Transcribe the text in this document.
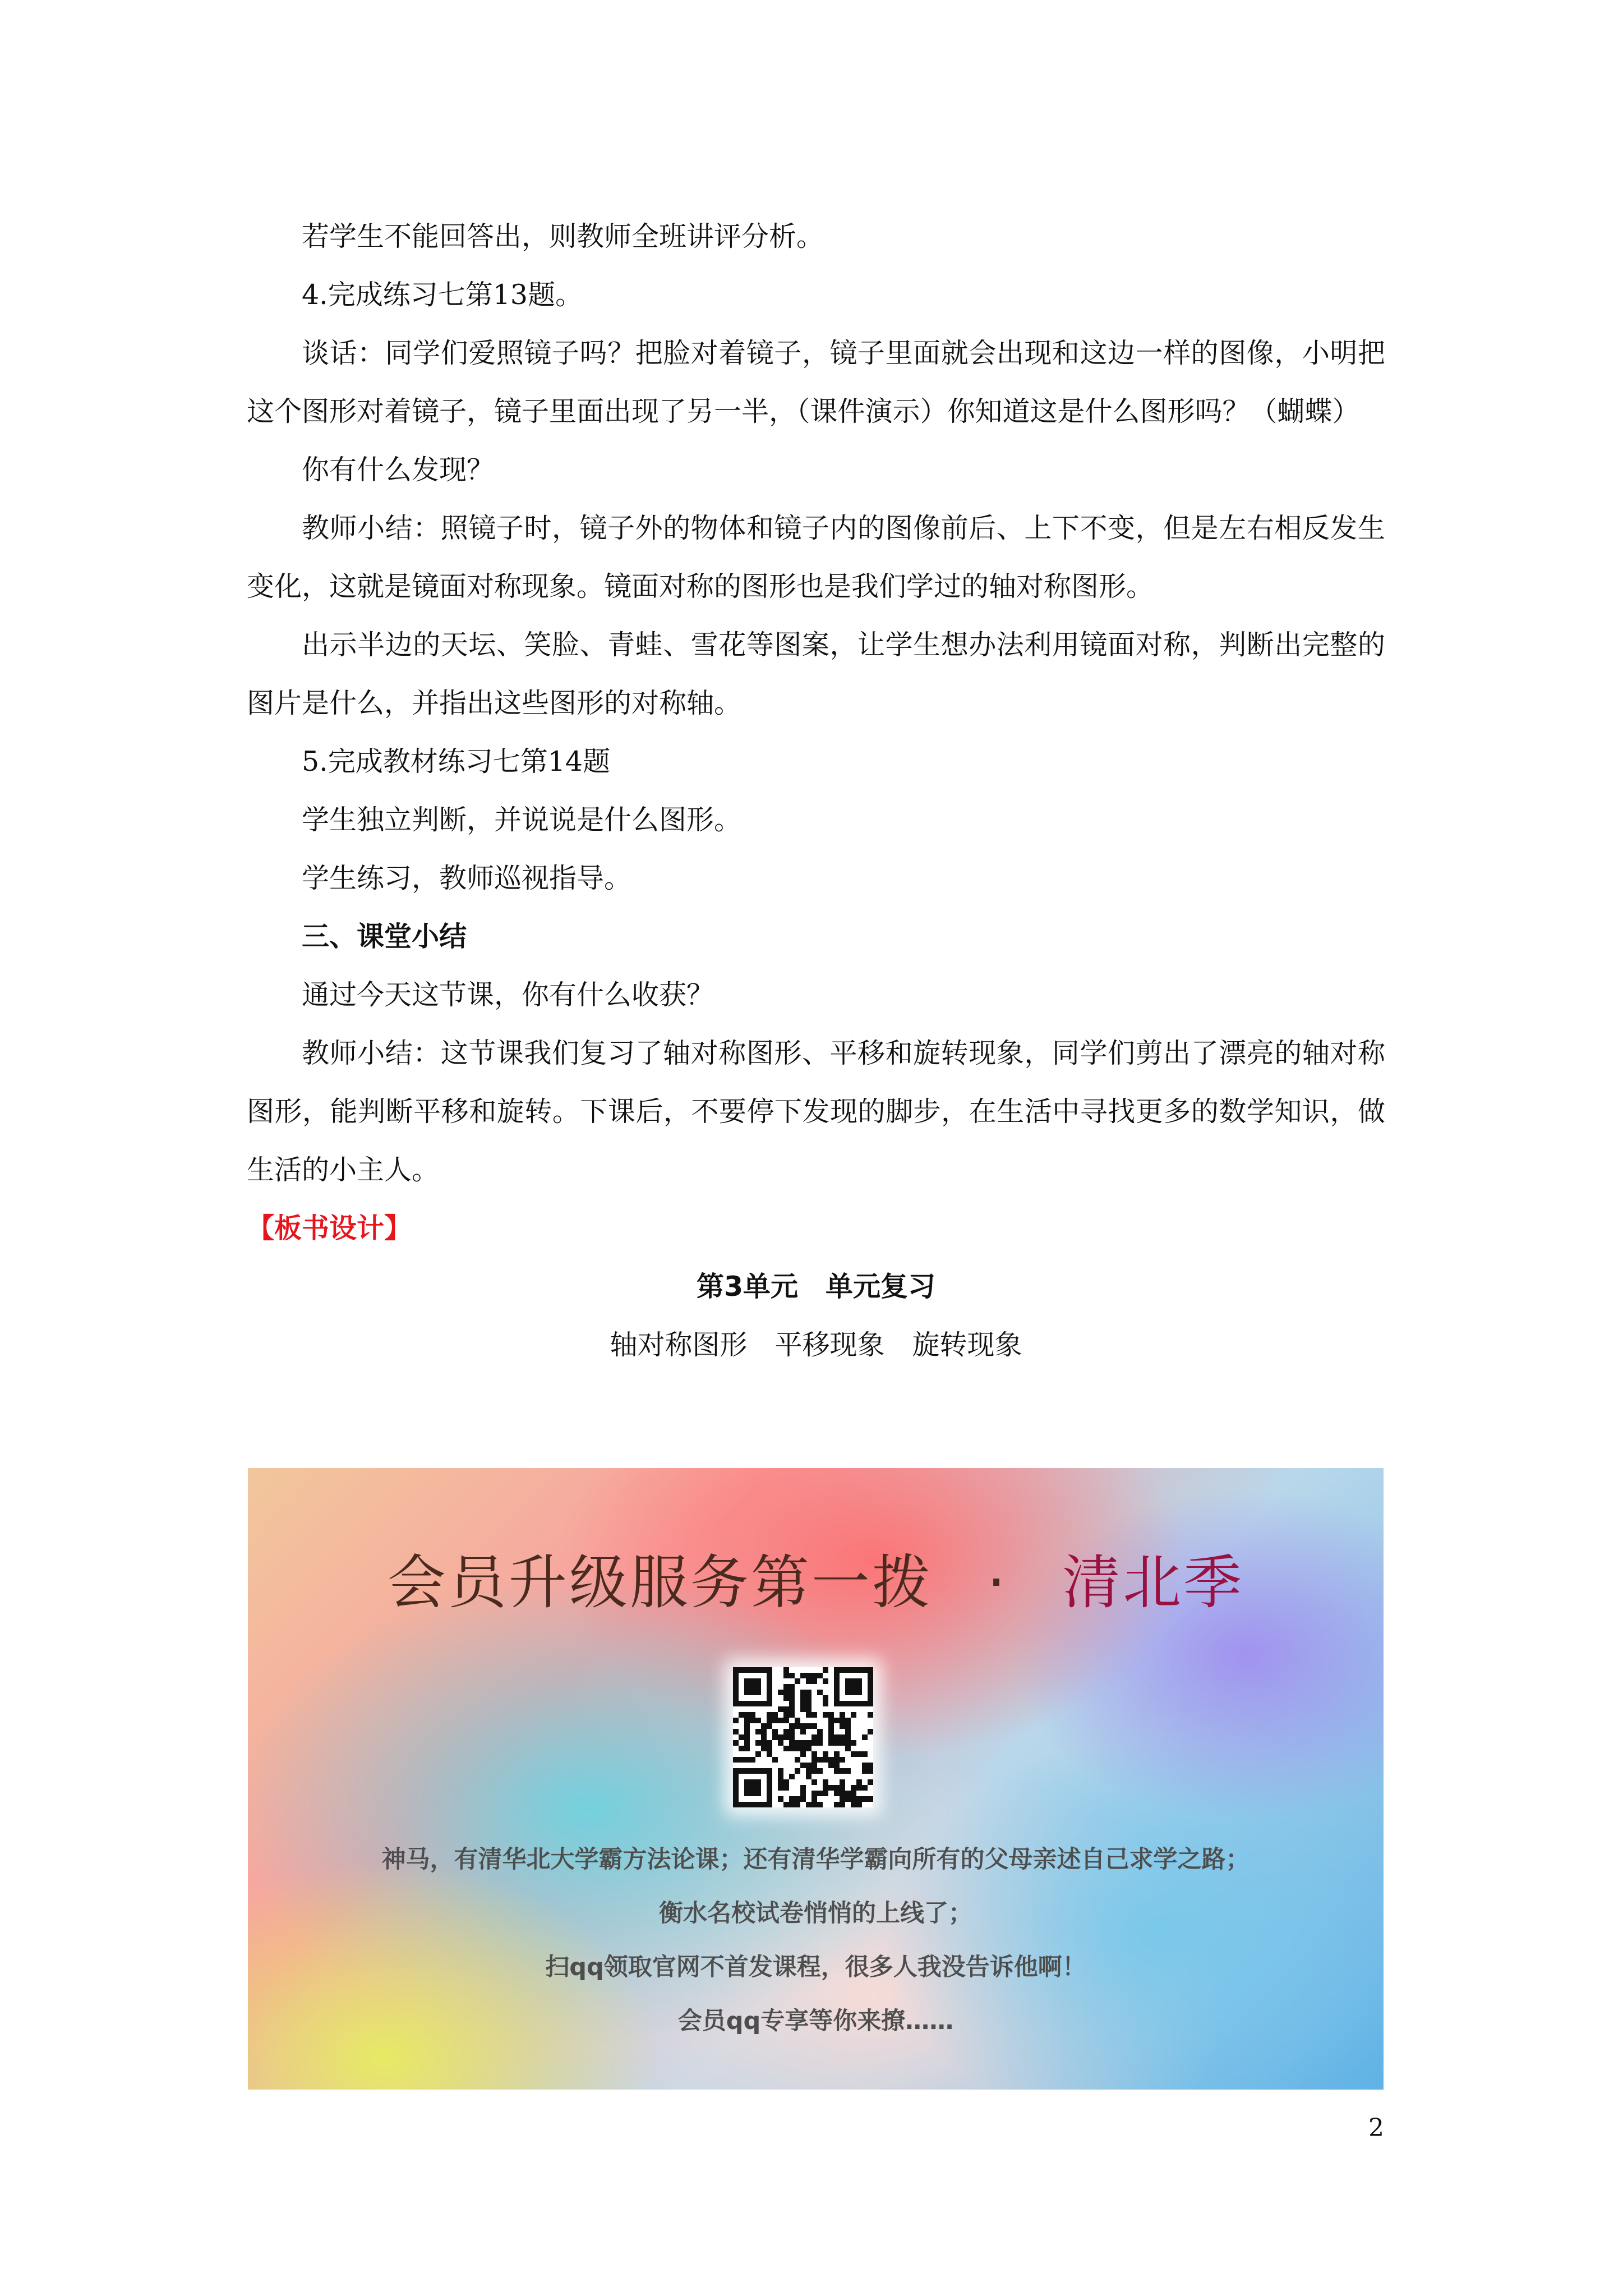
若学生不能回答出，则教师全班讲评分析。

4.完成练习七第13题。

谈话：同学们爱照镜子吗？把脸对着镜子，镜子里面就会出现和这边一样的图像，小明把这个图形对着镜子，镜子里面出现了另一半，（课件演示）你知道这是什么图形吗？（蝴蝶）

你有什么发现？

教师小结：照镜子时，镜子外的物体和镜子内的图像前后、上下不变，但是左右相反发生变化，这就是镜面对称现象。镜面对称的图形也是我们学过的轴对称图形。

出示半边的天坛、笑脸、青蛙、雪花等图案，让学生想办法利用镜面对称，判断出完整的图片是什么，并指出这些图形的对称轴。

5.完成教材练习七第14题

学生独立判断，并说说是什么图形。

学生练习，教师巡视指导。

三、课堂小结

通过今天这节课，你有什么收获？

教师小结：这节课我们复习了轴对称图形、平移和旋转现象，同学们剪出了漂亮的轴对称图形，能判断平移和旋转。下课后，不要停下发现的脚步，在生活中寻找更多的数学知识，做生活的小主人。

【板书设计】

第3单元　单元复习

轴对称图形　平移现象　旋转现象

会员升级服务第一拨 · 清北季
神马，有清华北大学霸方法论课；还有清华学霸向所有的父母亲述自己求学之路；
衡水名校试卷悄悄的上线了；
扫qq领取官网不首发课程，很多人我没告诉他啊！
会员qq专享等你来撩……
2
